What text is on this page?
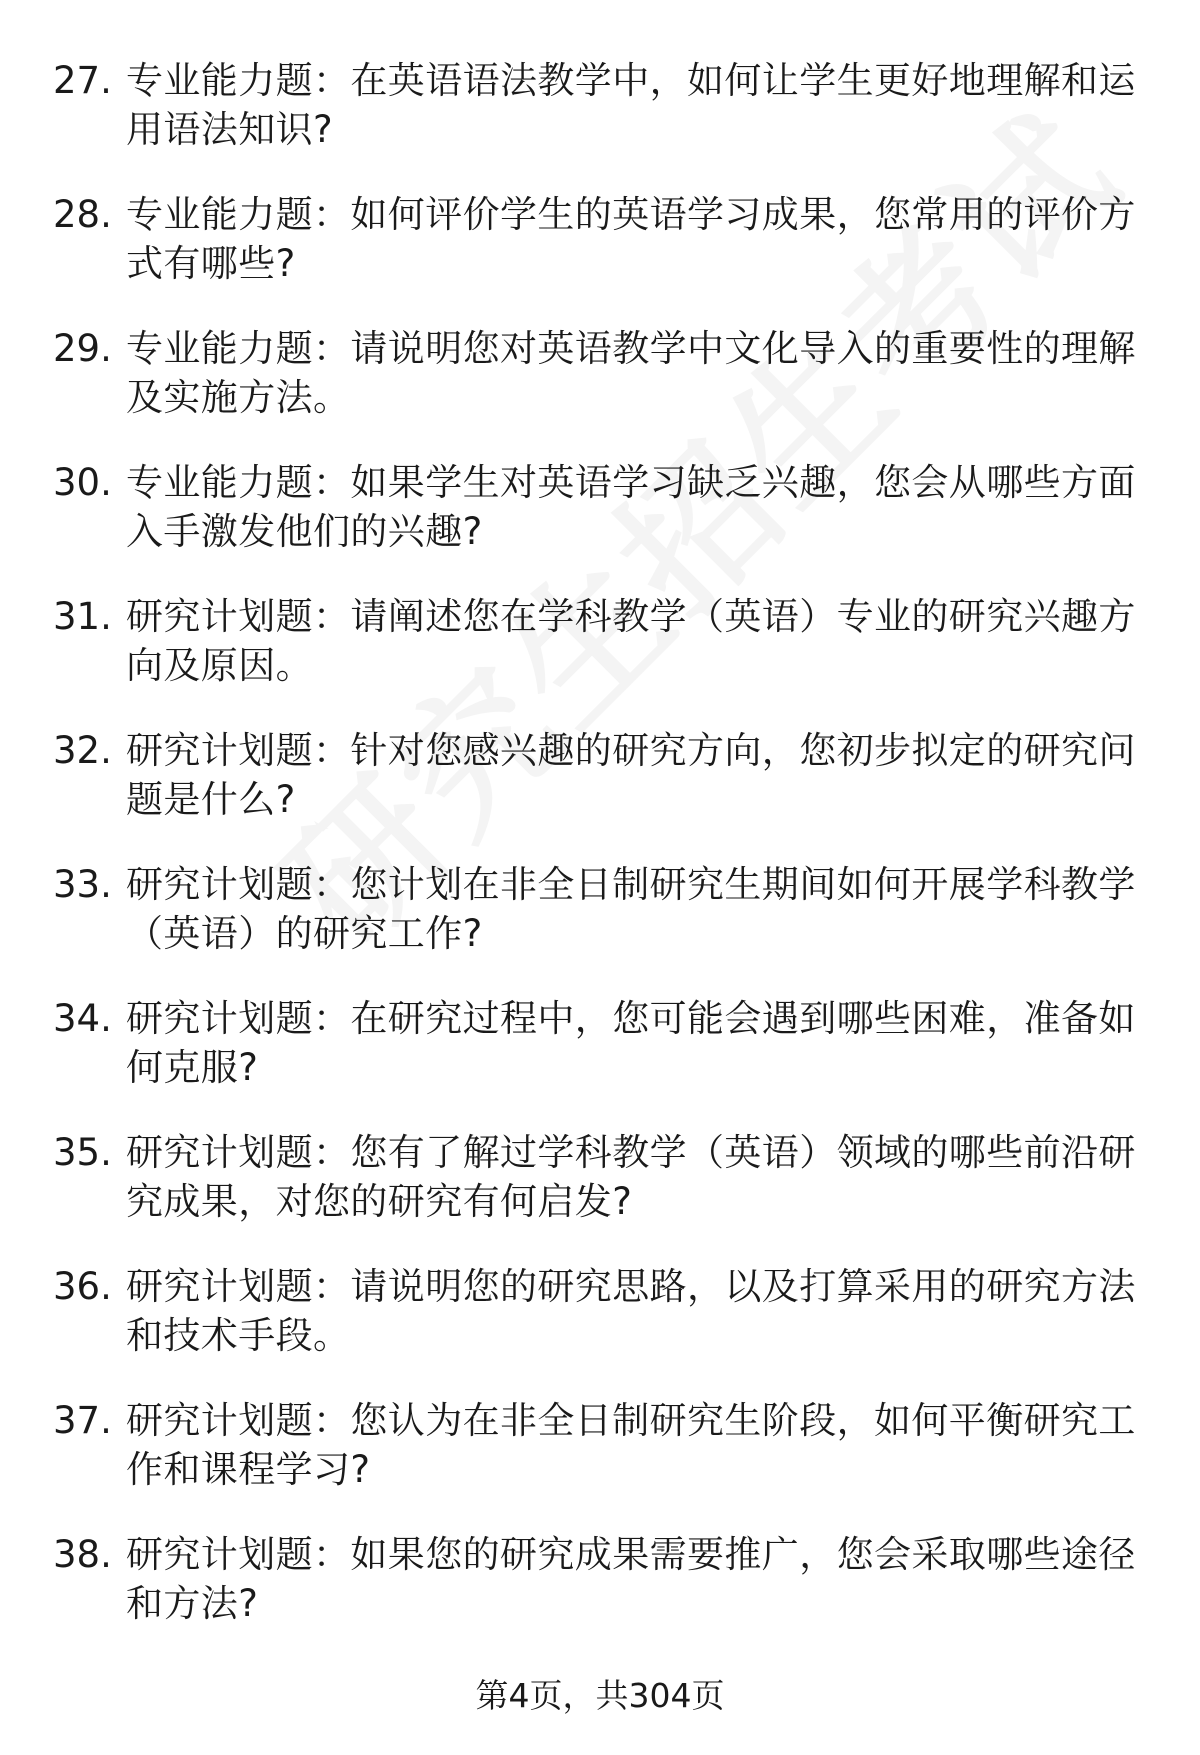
27. 专业能力题：在英语语法教学中，如何让学生更好地理解和运用语法知识?
28. 专业能力题：如何评价学生的英语学习成果，您常用的评价方式有哪些?
29. 专业能力题：请说明您对英语教学中文化导入的重要性的理解及实施方法。
30. 专业能力题：如果学生对英语学习缺乏兴趣，您会从哪些方面入手激发他们的兴趣?
31. 研究计划题：请阐述您在学科教学（英语）专业的研究兴趣方向及原因。
32. 研究计划题：针对您感兴趣的研究方向，您初步拟定的研究问题是什么?
33. 研究计划题：您计划在非全日制研究生期间如何开展学科教学（英语）的研究工作?
34. 研究计划题：在研究过程中，您可能会遇到哪些困难，准备如何克服?
35. 研究计划题：您有了解过学科教学（英语）领域的哪些前沿研究成果，对您的研究有何启发?
36. 研究计划题：请说明您的研究思路，以及打算采用的研究方法和技术手段。
37. 研究计划题：您认为在非全日制研究生阶段，如何平衡研究工作和课程学习?
38. 研究计划题：如果您的研究成果需要推广，您会采取哪些途径和方法?
第4页，共304页
